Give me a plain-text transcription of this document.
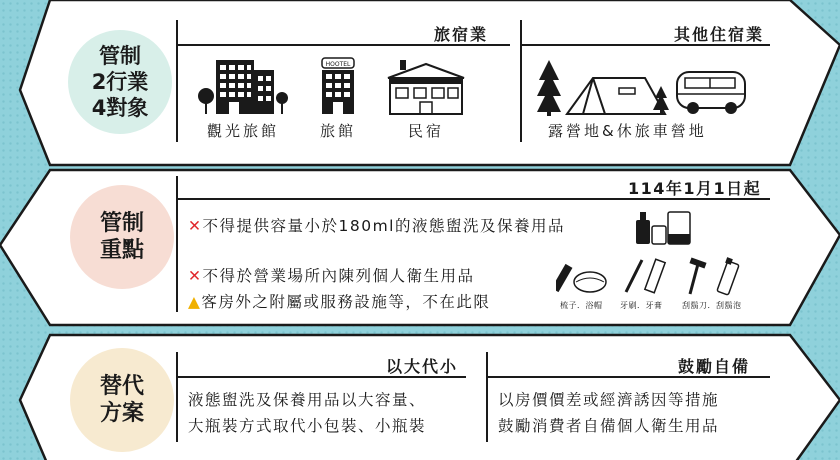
管制
2行業
4對象
旅宿業	其他住宿業
觀光旅館
HOOTEL
旅館	民宿	露營地&休旅車營地
管制
重點
114年1月1日起
✕不得提供容量小於180ml的液態盥洗及保養用品
✕不得於營業場所內陳列個人衛生用品
▲客房外之附屬或服務設施等，不在此限	梳子．浴帽 牙刷．牙膏 刮鬍刀．刮鬍泡
替代
方案
以大代小	鼓勵自備
液態盥洗及保養用品以大容量、
大瓶裝方式取代小包裝、小瓶裝
以房價價差或經濟誘因等措施
鼓勵消費者自備個人衛生用品
